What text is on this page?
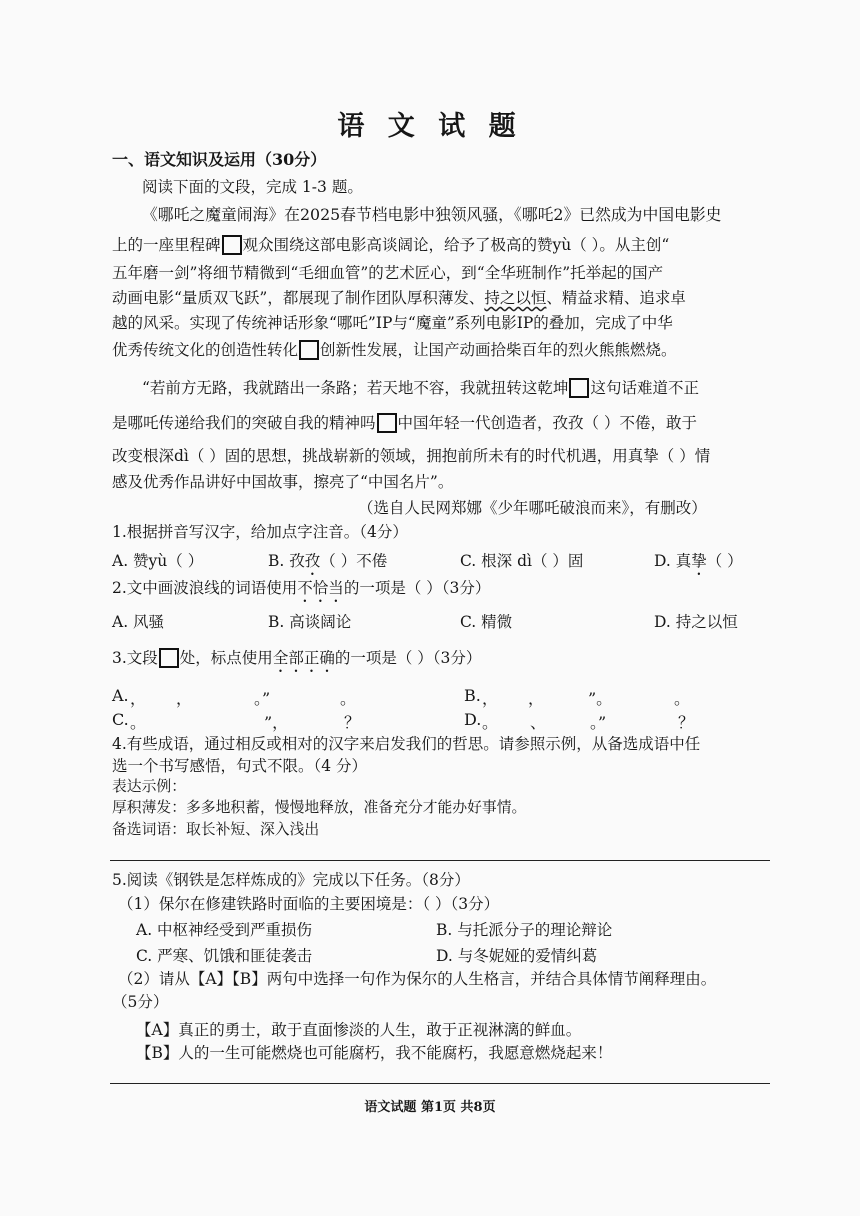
语 文 试 题
一、语文知识及运用（30分）
阅读下面的文段，完成 1-3 题。
《哪吒之魔童闹海》在2025春节档电影中独领风骚，《哪吒2》已然成为中国电影史
上的一座里程碑 观众围绕这部电影高谈阔论，给予了极高的赞yù（ ）。从主创“
五年磨一剑”将细节精微到“毛细血管”的艺术匠心，到“全华班制作”托举起的国产
动画电影“量质双飞跃”，都展现了制作团队厚积薄发、持之以恒、精益求精、追求卓
越的风采。实现了传统神话形象“哪吒”IP与“魔童”系列电影IP的叠加，完成了中华
优秀传统文化的创造性转化 创新性发展，让国产动画拾柴百年的烈火熊熊燃烧。
“若前方无路，我就踏出一条路；若天地不容，我就扭转这乾坤 这句话难道不正
是哪吒传递给我们的突破自我的精神吗 中国年轻一代创造者，孜孜（ ）不倦，敢于
改变根深dì（ ）固的思想，挑战崭新的领域，拥抱前所未有的时代机遇，用真挚（ ）情
感及优秀作品讲好中国故事，擦亮了“中国名片”。
（选自人民网郑娜《少年哪吒破浪而来》，有删改）
1.根据拼音写汉字，给加点字注音。（4分）
A. 赞yù（ ）	B. 孜孜（ ）不倦	C. 根深 dì（ ）固	D. 真挚（ ）
2.文中画波浪线的词语使用不恰当的一项是（ ）（3分）
A. 风骚	B. 高谈阔论	C. 精微	D. 持之以恒
3.文段 处，标点使用全部正确的一项是（ ）（3分）
A. ， ，	。”	。	B. ， ，	”。	。
C. 。	”，	？	D. 。 、	。”	？
4.有些成语，通过相反或相对的汉字来启发我们的哲思。请参照示例，从备选成语中任
选一个书写感悟，句式不限。（4 分）
表达示例：
厚积薄发：多多地积蓄，慢慢地释放，准备充分才能办好事情。
备选词语：取长补短、深入浅出
5.阅读《钢铁是怎样炼成的》完成以下任务。（8分）
（1）保尔在修建铁路时面临的主要困境是：（ ）（3分）
A. 中枢神经受到严重损伤	B. 与托派分子的理论辩论
C. 严寒、饥饿和匪徒袭击	D. 与冬妮娅的爱情纠葛
（2）请从【A】【B】两句中选择一句作为保尔的人生格言，并结合具体情节阐释理由。
（5分）
【A】真正的勇士，敢于直面惨淡的人生，敢于正视淋漓的鲜血。
【B】人的一生可能燃烧也可能腐朽，我不能腐朽，我愿意燃烧起来！
语文试题 第1页 共8页
